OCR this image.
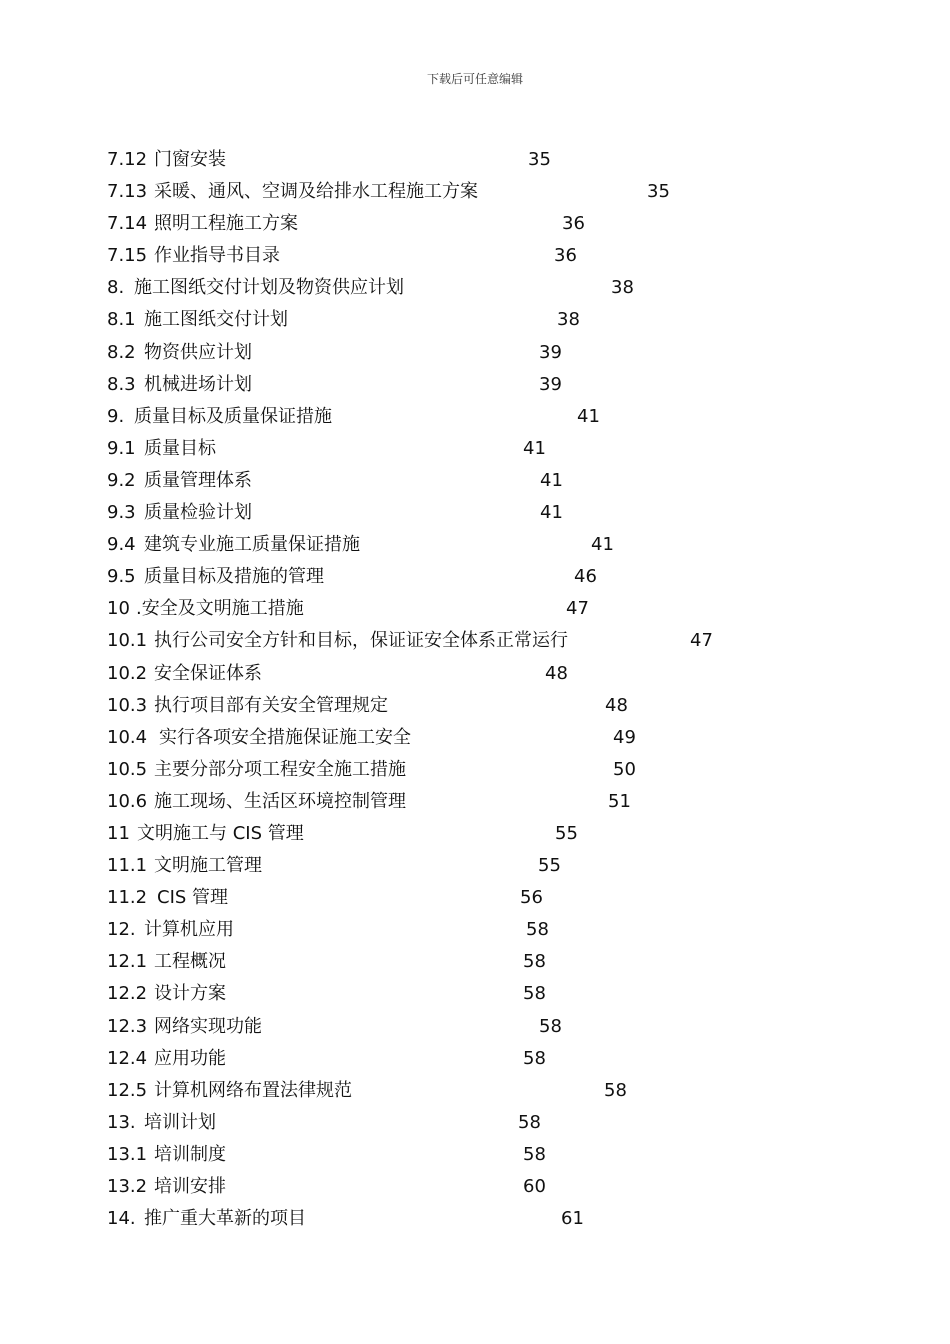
下载后可任意编辑
7.12 门窗安装	35
7.13 采暖、通风、空调及给排水工程施工方案	35
7.14 照明工程施工方案	36
7.15 作业指导书目录	36
8. 施工图纸交付计划及物资供应计划	38
8.1 施工图纸交付计划	38
8.2 物资供应计划	39
8.3 机械进场计划	39
9. 质量目标及质量保证措施	41
9.1 质量目标	41
9.2 质量管理体系	41
9.3 质量检验计划	41
9.4 建筑专业施工质量保证措施	41
9.5 质量目标及措施的管理	46
10 .安全及文明施工措施	47
10.1 执行公司安全方针和目标，保证证安全体系正常运行	47
10.2 安全保证体系	48
10.3 执行项目部有关安全管理规定	48
10.4 实行各项安全措施保证施工安全	49
10.5 主要分部分项工程安全施工措施	50
10.6 施工现场、生活区环境控制管理	51
11 文明施工与 CIS 管理	55
11.1 文明施工管理	55
11.2 CIS 管理	56
12. 计算机应用	58
12.1 工程概况	58
12.2 设计方案	58
12.3 网络实现功能	58
12.4 应用功能	58
12.5 计算机网络布置法律规范	58
13. 培训计划	58
13.1 培训制度	58
13.2 培训安排	60
14. 推广重大革新的项目	61
